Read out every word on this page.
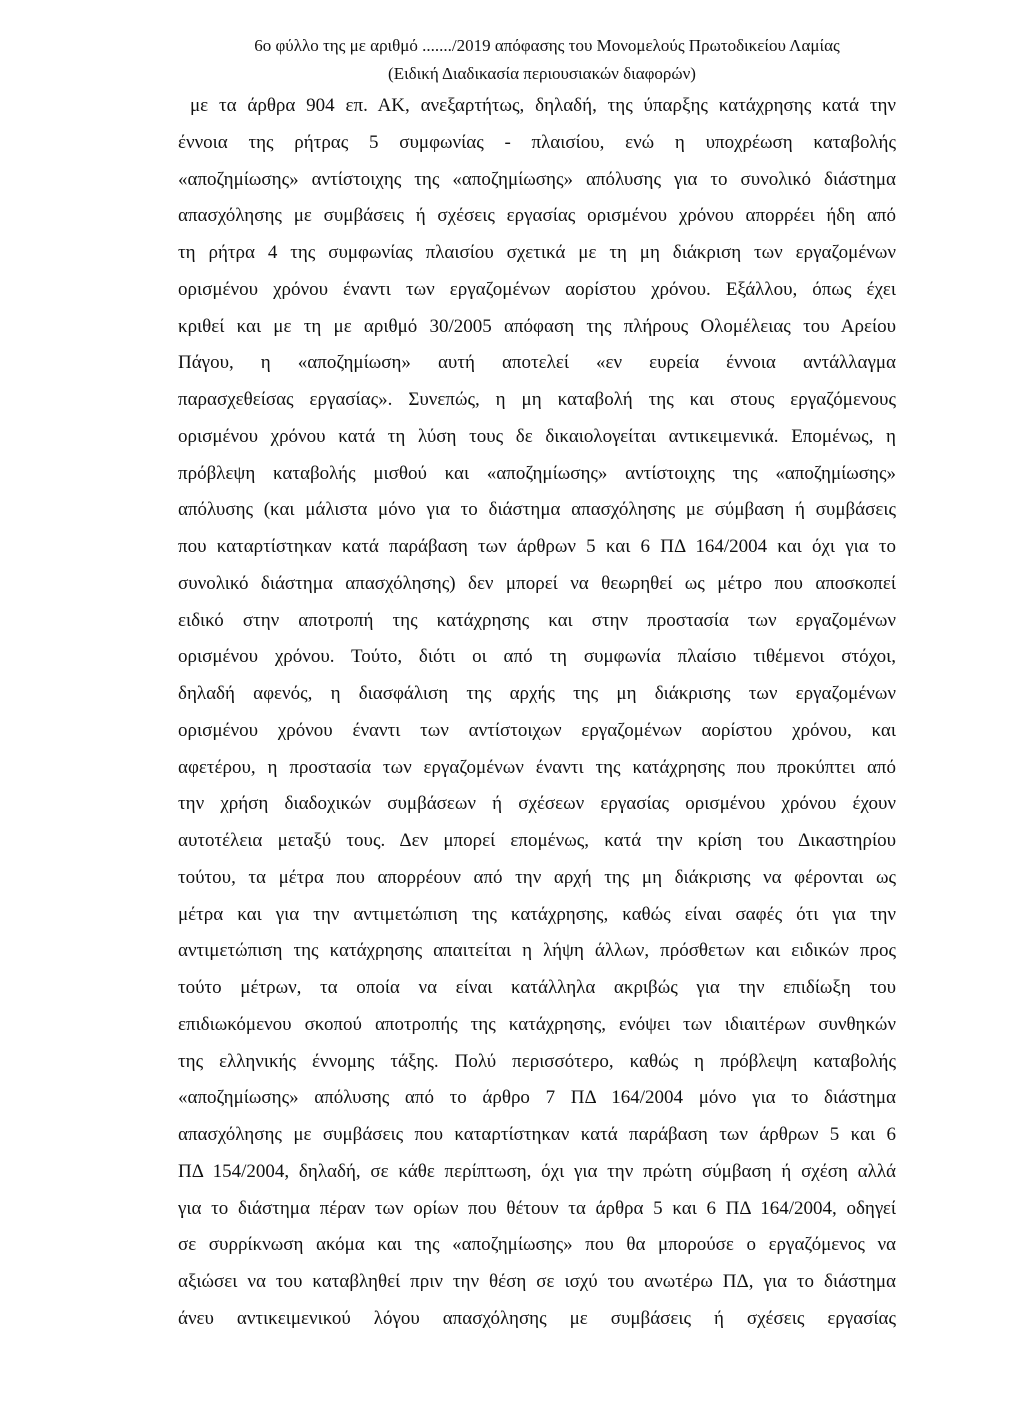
6ο φύλλο της με αριθμό ......./2019 απόφασης του Μονομελούς Πρωτοδικείου Λαμίας
(Ειδική Διαδικασία περιουσιακών διαφορών)
με τα άρθρα 904 επ. ΑΚ, ανεξαρτήτως, δηλαδή, της ύπαρξης κατάχρησης κατά την
έννοια της ρήτρας 5 συμφωνίας - πλαισίου, ενώ η υποχρέωση καταβολής
«αποζημίωσης» αντίστοιχης της «αποζημίωσης» απόλυσης για το συνολικό διάστημα
απασχόλησης με συμβάσεις ή σχέσεις εργασίας ορισμένου χρόνου απορρέει ήδη από
τη ρήτρα 4 της συμφωνίας πλαισίου σχετικά με τη μη διάκριση των εργαζομένων
ορισμένου χρόνου έναντι των εργαζομένων αορίστου χρόνου. Εξάλλου, όπως έχει
κριθεί και με τη με αριθμό 30/2005 απόφαση της πλήρους Ολομέλειας του Αρείου
Πάγου, η «αποζημίωση» αυτή αποτελεί «εν ευρεία έννοια αντάλλαγμα
παρασχεθείσας εργασίας». Συνεπώς, η μη καταβολή της και στους εργαζόμενους
ορισμένου χρόνου κατά τη λύση τους δε δικαιολογείται αντικειμενικά. Επομένως, η
πρόβλεψη καταβολής μισθού και «αποζημίωσης» αντίστοιχης της «αποζημίωσης»
απόλυσης (και μάλιστα μόνο για το διάστημα απασχόλησης με σύμβαση ή συμβάσεις
που καταρτίστηκαν κατά παράβαση των άρθρων 5 και 6 ΠΔ 164/2004 και όχι για το
συνολικό διάστημα απασχόλησης) δεν μπορεί να θεωρηθεί ως μέτρο που αποσκοπεί
ειδικό στην αποτροπή της κατάχρησης και στην προστασία των εργαζομένων
ορισμένου χρόνου. Τούτο, διότι οι από τη συμφωνία πλαίσιο τιθέμενοι στόχοι,
δηλαδή αφενός, η διασφάλιση της αρχής της μη διάκρισης των εργαζομένων
ορισμένου χρόνου έναντι των αντίστοιχων εργαζομένων αορίστου χρόνου, και
αφετέρου, η προστασία των εργαζομένων έναντι της κατάχρησης που προκύπτει από
την χρήση διαδοχικών συμβάσεων ή σχέσεων εργασίας ορισμένου χρόνου έχουν
αυτοτέλεια μεταξύ τους. Δεν μπορεί επομένως, κατά την κρίση του Δικαστηρίου
τούτου, τα μέτρα που απορρέουν από την αρχή της μη διάκρισης να φέρονται ως
μέτρα και για την αντιμετώπιση της κατάχρησης, καθώς είναι σαφές ότι για την
αντιμετώπιση της κατάχρησης απαιτείται η λήψη άλλων, πρόσθετων και ειδικών προς
τούτο μέτρων, τα οποία να είναι κατάλληλα ακριβώς για την επιδίωξη του
επιδιωκόμενου σκοπού αποτροπής της κατάχρησης, ενόψει των ιδιαιτέρων συνθηκών
της ελληνικής έννομης τάξης. Πολύ περισσότερο, καθώς η πρόβλεψη καταβολής
«αποζημίωσης» απόλυσης από το άρθρο 7 ΠΔ 164/2004 μόνο για το διάστημα
απασχόλησης με συμβάσεις που καταρτίστηκαν κατά παράβαση των άρθρων 5 και 6
ΠΔ 154/2004, δηλαδή, σε κάθε περίπτωση, όχι για την πρώτη σύμβαση ή σχέση αλλά
για το διάστημα πέραν των ορίων που θέτουν τα άρθρα 5 και 6 ΠΔ 164/2004, οδηγεί
σε συρρίκνωση ακόμα και της «αποζημίωσης» που θα μπορούσε ο εργαζόμενος να
αξιώσει να του καταβληθεί πριν την θέση σε ισχύ του ανωτέρω ΠΔ, για το διάστημα
άνευ αντικειμενικού λόγου απασχόλησης με συμβάσεις ή σχέσεις εργασίας
